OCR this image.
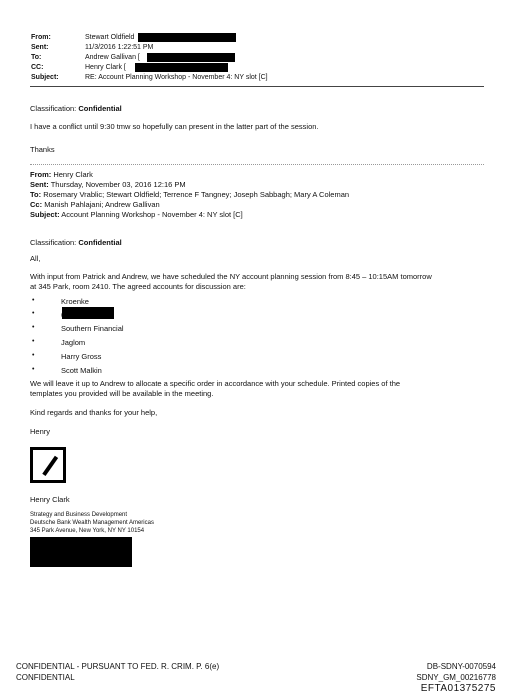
From:	Stewart Oldfield
Sent:	11/3/2016 1:22:51 PM
To:	Andrew Gallivan [
CC:	Henry Clark [
Subject:	RE: Account Planning Workshop - November 4: NY slot [C]
Classification: Confidential
I have a conflict until 9:30 tmw so hopefully can present in the latter part of the session.
Thanks
From: Henry Clark
Sent: Thursday, November 03, 2016 12:16 PM
To: Rosemary Vrablic; Stewart Oldfield; Terrence F Tangney; Joseph Sabbagh; Mary A Coleman
Cc: Manish Pahlajani; Andrew Gallivan
Subject: Account Planning Workshop - November 4: NY slot [C]
Classification: Confidential
All,
With input from Patrick and Andrew, we have scheduled the NY account planning session from 8:45 – 10:15AM tomorrow
at 345 Park, room 2410. The agreed accounts for discussion are:
•	Kroenke
•
•	Southern Financial
•	Jaglom
•	Harry Gross
•	Scott Malkin
We will leave it up to Andrew to allocate a specific order in accordance with your schedule. Printed copies of the
templates you provided will be available in the meeting.
Kind regards and thanks for your help,
Henry
Henry Clark
Strategy and Business Development
Deutsche Bank Wealth Management Americas
345 Park Avenue, New York, NY NY 10154
CONFIDENTIAL - PURSUANT TO FED. R. CRIM. P. 6(e)
CONFIDENTIAL
DB-SDNY-0070594
SDNY_GM_00216778
EFTA01375275
